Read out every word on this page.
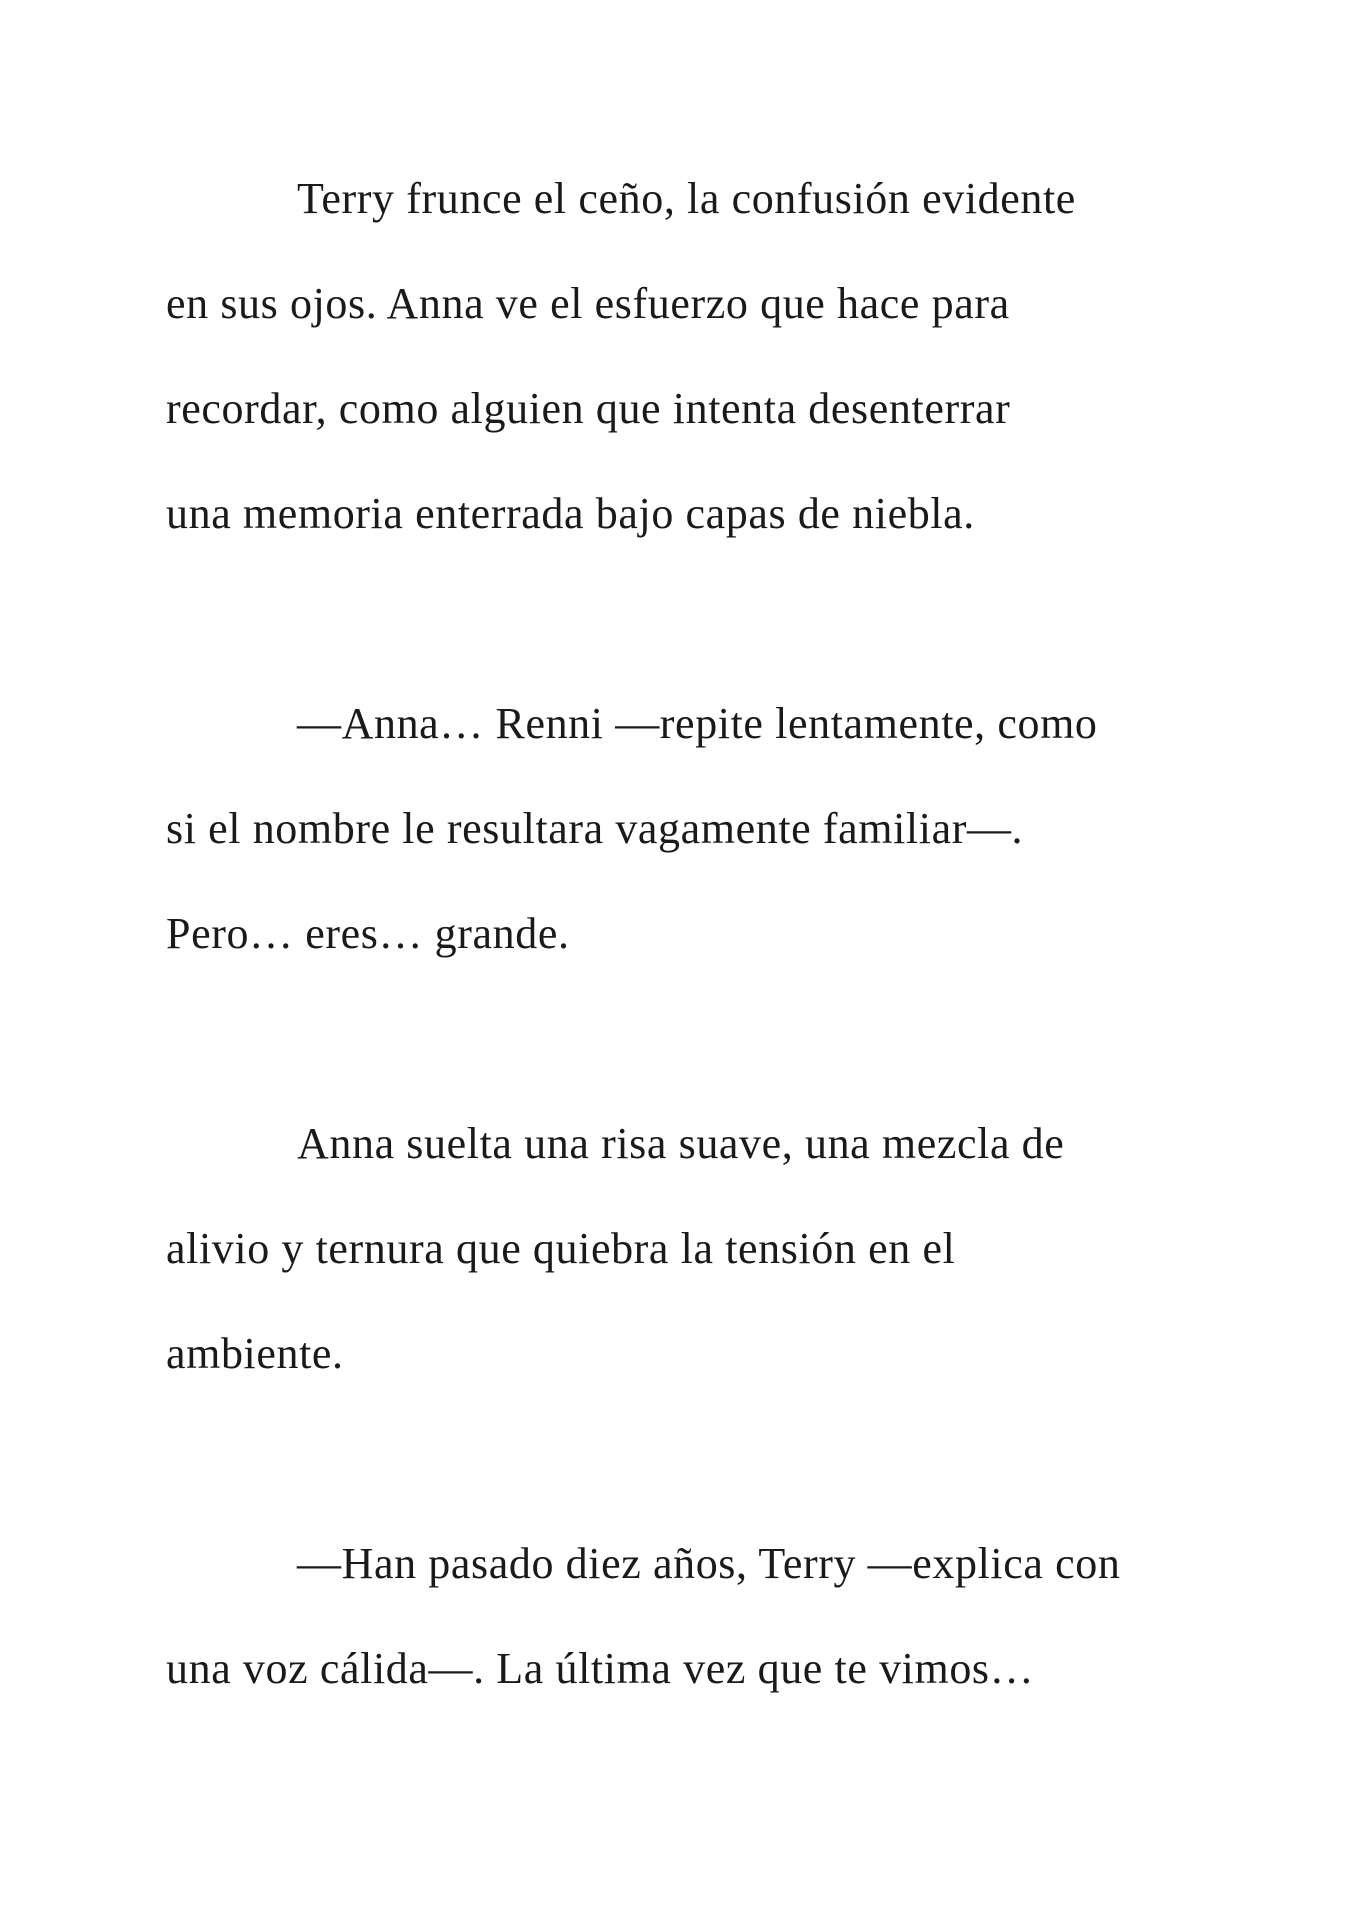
Terry frunce el ceño, la confusión evidente
en sus ojos. Anna ve el esfuerzo que hace para
recordar, como alguien que intenta desenterrar
una memoria enterrada bajo capas de niebla.
—Anna… Renni —repite lentamente, como
si el nombre le resultara vagamente familiar—.
Pero… eres… grande.
Anna suelta una risa suave, una mezcla de
alivio y ternura que quiebra la tensión en el
ambiente.
—Han pasado diez años, Terry —explica con
una voz cálida—. La última vez que te vimos…
